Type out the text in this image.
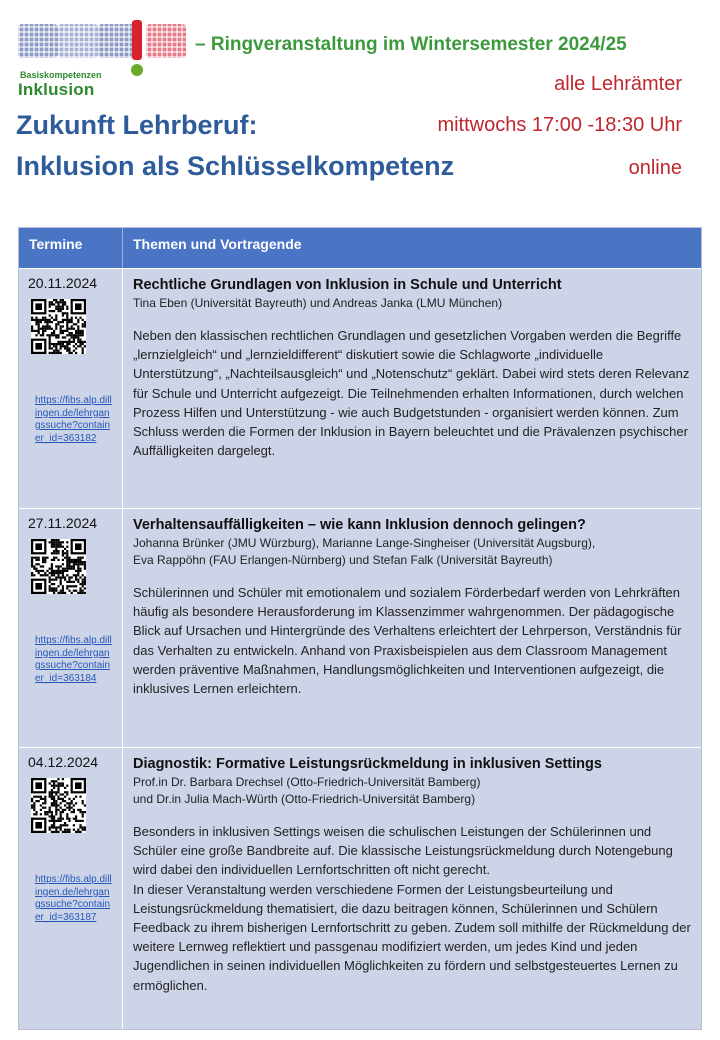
Basiskompetenzen
Inklusion
– Ringveranstaltung im Wintersemester 2024/25
alle Lehrämter
mittwochs 17:00 -18:30 Uhr
online
Zukunft Lehrberuf:
Inklusion als Schlüsselkompetenz
Termine	Themen und Vortragende
20.11.2024
https://fibs.alp.dillingen.de/lehrgangssuche?container_id=363182
Rechtliche Grundlagen von Inklusion in Schule und Unterricht
Tina Eben (Universität Bayreuth) und Andreas Janka (LMU München)

Neben den klassischen rechtlichen Grundlagen und gesetzlichen Vorgaben werden die Begriffe „lernzielgleich“ und „lernzieldifferent“ diskutiert sowie die Schlagworte „individuelle Unterstützung“, „Nachteilsausgleich“ und „Notenschutz“ geklärt. Dabei wird stets deren Relevanz für Schule und Unterricht aufgezeigt. Die Teilnehmenden erhalten Informationen, durch welchen Prozess Hilfen und Unterstützung - wie auch Budgetstunden - organisiert werden können. Zum Schluss werden die Formen der Inklusion in Bayern beleuchtet und die Prävalenzen psychischer Auffälligkeiten dargelegt.

27.11.2024
https://fibs.alp.dillingen.de/lehrgangssuche?container_id=363184
Verhaltensauffälligkeiten – wie kann Inklusion dennoch gelingen?
Johanna Brünker (JMU Würzburg), Marianne Lange-Singheiser (Universität Augsburg),
Eva Rappöhn (FAU Erlangen-Nürnberg) und Stefan Falk (Universität Bayreuth)

Schülerinnen und Schüler mit emotionalem und sozialem Förderbedarf werden von Lehrkräften häufig als besondere Herausforderung im Klassenzimmer wahrgenommen. Der pädagogische Blick auf Ursachen und Hintergründe des Verhaltens erleichtert der Lehrperson, Verständnis für das Verhalten zu entwickeln. Anhand von Praxisbeispielen aus dem Classroom Management werden präventive Maßnahmen, Handlungsmöglichkeiten und Interventionen aufgezeigt, die inklusives Lernen erleichtern.

04.12.2024
https://fibs.alp.dillingen.de/lehrgangssuche?container_id=363187
Diagnostik: Formative Leistungsrückmeldung in inklusiven Settings
Prof.in Dr. Barbara Drechsel (Otto-Friedrich-Universität Bamberg)
und Dr.in Julia Mach-Würth (Otto-Friedrich-Universität Bamberg)

Besonders in inklusiven Settings weisen die schulischen Leistungen der Schülerinnen und Schüler eine große Bandbreite auf. Die klassische Leistungsrückmeldung durch Notengebung wird dabei den individuellen Lernfortschritten oft nicht gerecht.

In dieser Veranstaltung werden verschiedene Formen der Leistungsbeurteilung und Leistungsrückmeldung thematisiert, die dazu beitragen können, Schülerinnen und Schülern Feedback zu ihrem bisherigen Lernfortschritt zu geben. Zudem soll mithilfe der Rückmeldung der weitere Lernweg reflektiert und passgenau modifiziert werden, um jedes Kind und jeden Jugendlichen in seinen individuellen Möglichkeiten zu fördern und selbstgesteuertes Lernen zu ermöglichen.
